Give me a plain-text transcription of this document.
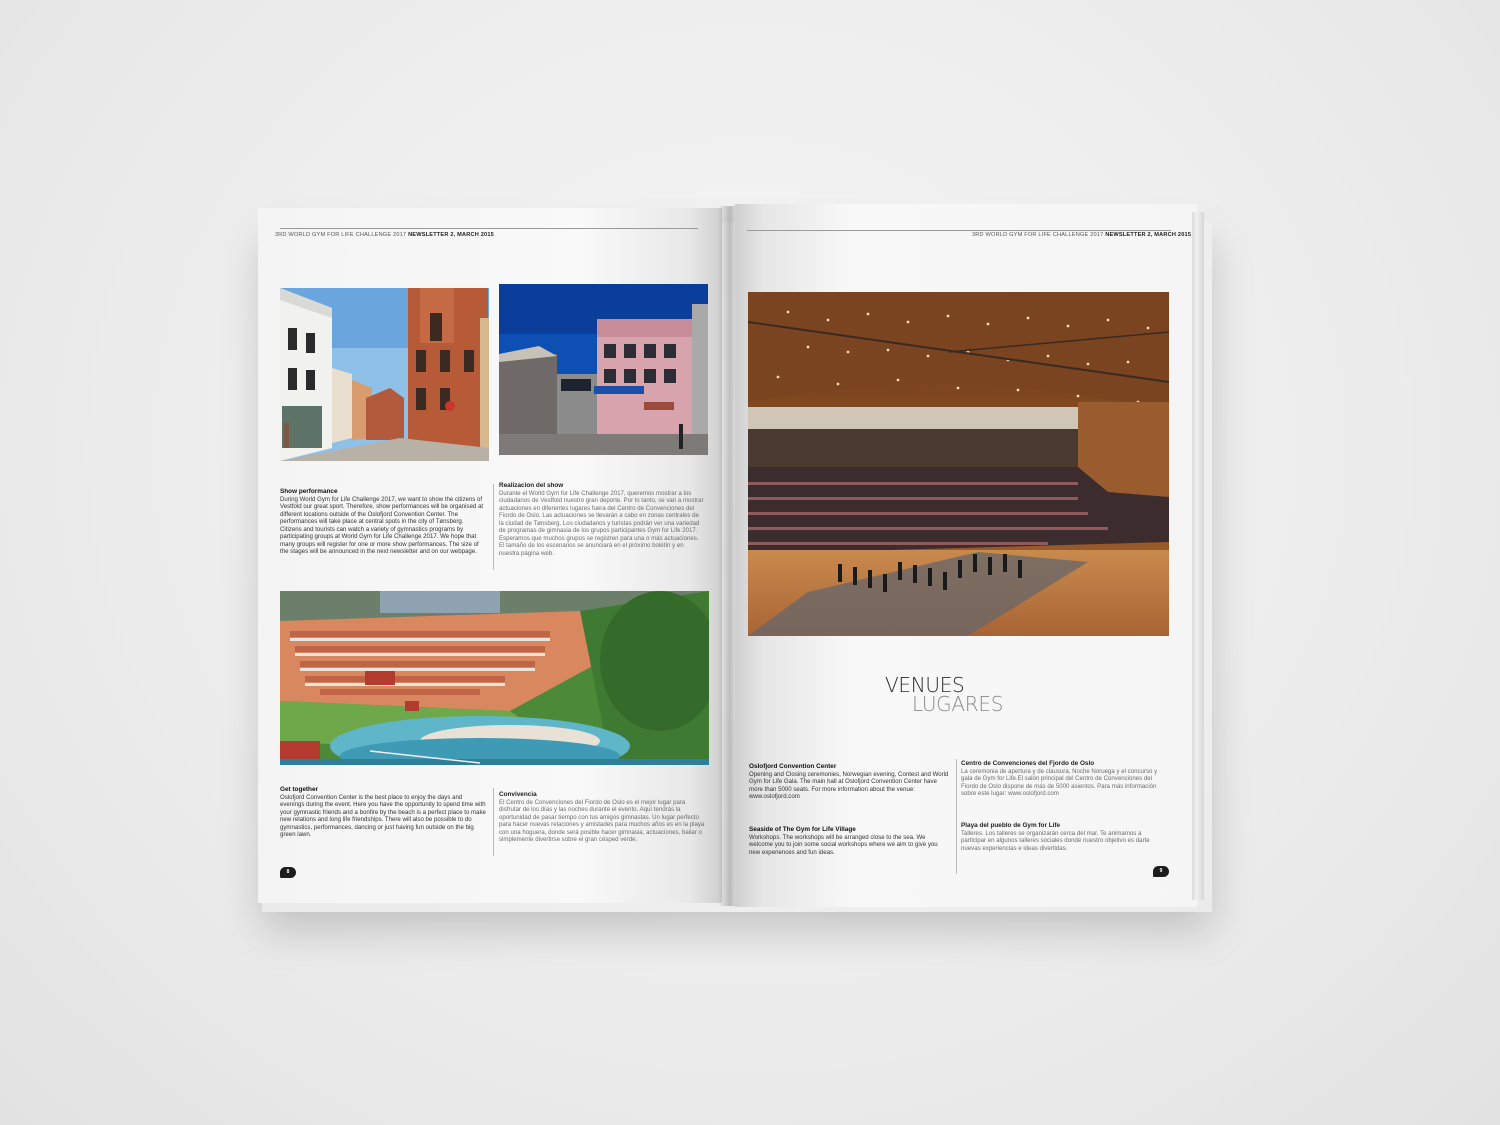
3RD WORLD GYM FOR LIFE CHALLENGE 2017 NEWSLETTER 2, MARCH 2015
Show performance
During World Gym for Life Challenge 2017, we want to show the citizens of Vestfold our great sport. Therefore, show performances will be organised at different locations outside of the Oslofjord Convention Center. The performances will take place at central spots in the city of Tønsberg. Citizens and tourists can watch a variety of gymnastics programs by participating groups at World Gym for Life Challenge 2017. We hope that many groups will register for one or more show performances. The size of the stages will be announced in the next newsletter and on our webpage.
Realizacion del show
Durante el World Gym for Life Challenge 2017, queremos mostrar a los ciudadanos de Vestfold nuestro gran deporte. Por lo tanto, se van a mostrar actuaciones en diferentes lugares fuera del Centro de Convenciones del Fiordo de Oslo. Las actuaciones se llevarán a cabo en zonas centrales de la ciudad de Tønsberg. Los ciudadanos y turistas podrán ver una variedad de programas de gimnasia de los grupos participantes Gym for Life 2017. Esperamos que muchos grupos se registren para una o más actuaciones. El tamaño de los escenarios se anunciará en el próximo boletín y en nuestra página web.
Get together
Oslofjord Convention Center is the best place to enjoy the days and evenings during the event. Here you have the opportunity to spend time with your gymnastic friends and a bonfire by the beach is a perfect place to make new relations and long life friendships. There will also be possible to do gymnastics, performances, dancing or just having fun outside on the big green lawn.
Convivencia
El Centro de Convenciones del Fiordo de Oslo es el mejor lugar para disfrutar de los días y las noches durante el evento. Aquí tendrás la oportunidad de pasar tiempo con tus amigos gimnastas. Un lugar perfecto para hacer nuevas relaciones y amistades para muchos años es en la playa con una hoguera, donde será posible hacer gimnasia, actuaciones, bailar o simplemente divertirse sobre el gran césped verde.
8
3RD WORLD GYM FOR LIFE CHALLENGE 2017 NEWSLETTER 2, MARCH 2015
VENUES
LUGARES
Oslofjord Convention Center
Opening and Closing ceremonies, Norwegian evening, Contest and World Gym for Life Gala. The main hall at Oslofjord Convention Center have more than 5000 seats. For more information about the venue: www.oslofjord.com
Centro de Convenciones del Fjordo de Oslo
La ceremonia de apertura y de clausura, Noche Noruega y el concurso y gala de Gym for Life.El salón principal del Centro de Convenciones del Fiordo de Oslo dispone de más de 5000 asientos. Para más información sobre este lugar: www.oslofjord.com
Seaside of The Gym for Life Village
Workshops. The workshops will be arranged close to the sea. We welcome you to join some social workshops where we aim to give you new experiences and fun ideas.
Playa del pueblo de Gym for Life
Talleres. Los talleres se organizarán cerca del mar. Te animamos a participar en algunos talleres sociales donde nuestro objetivo es darte nuevas experiencias e ideas divertidas.
9
